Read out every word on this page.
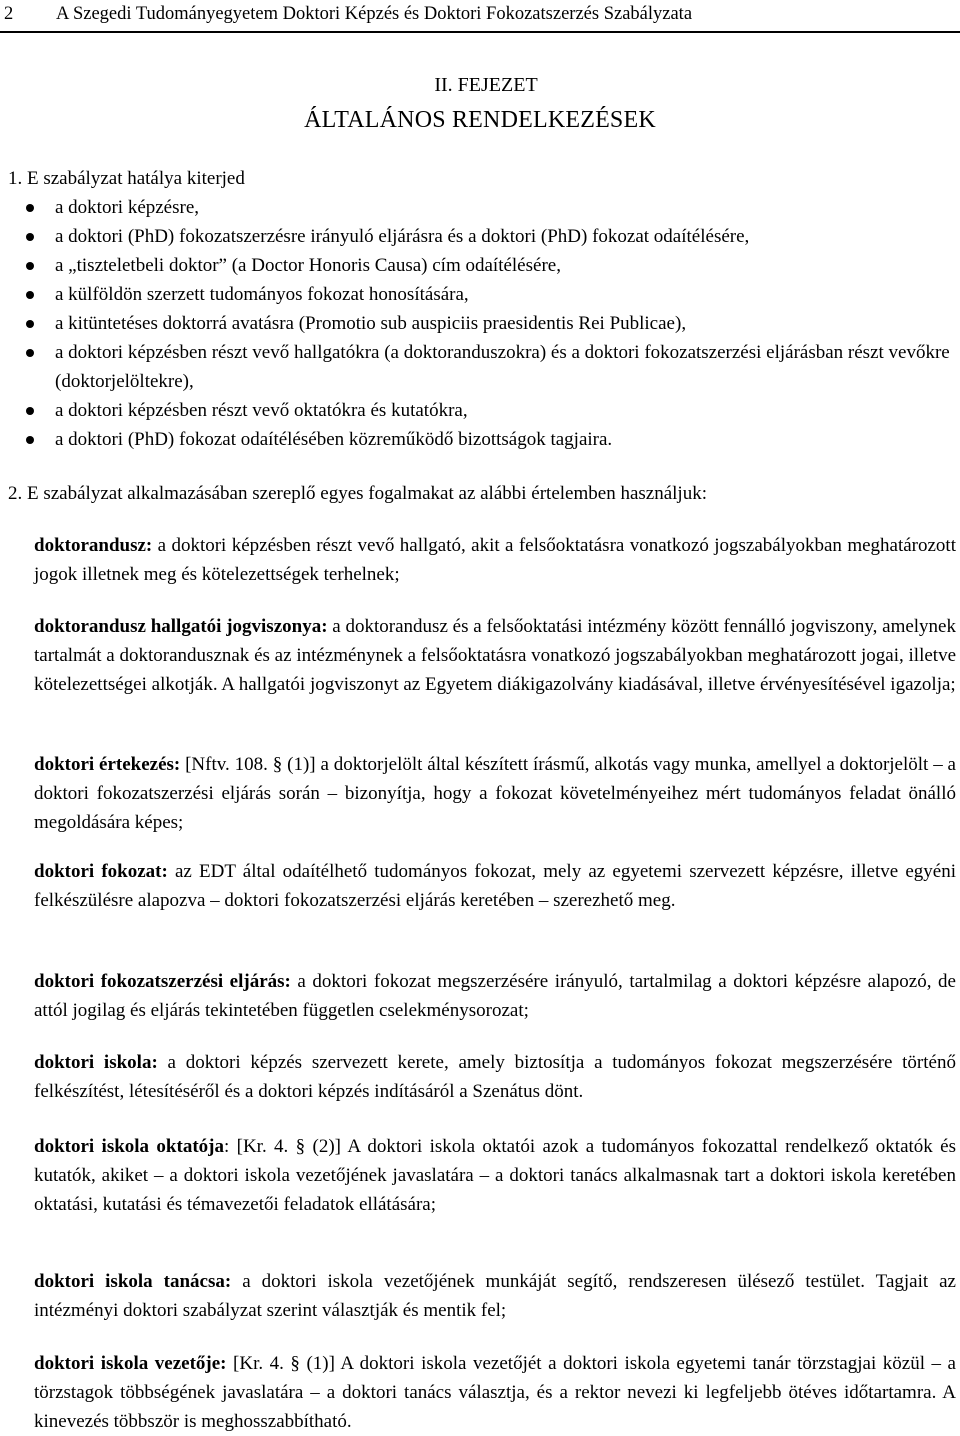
2 A Szegedi Tudományegyetem Doktori Képzés és Doktori Fokozatszerzés Szabályzata
II. FEJEZET
ÁLTALÁNOS RENDELKEZÉSEK
1. E szabályzat hatálya kiterjed
a doktori képzésre,
a doktori (PhD) fokozatszerzésre irányuló eljárásra és a doktori (PhD) fokozat odaítélésére,
a „tiszteletbeli doktor” (a Doctor Honoris Causa) cím odaítélésére,
a külföldön szerzett tudományos fokozat honosítására,
a kitüntetéses doktorrá avatásra (Promotio sub auspiciis praesidentis Rei Publicae),
a doktori képzésben részt vevő hallgatókra (a doktoranduszokra) és a doktori fokozatszerzési eljárásban részt vevőkre (doktorjelöltekre),
a doktori képzésben részt vevő oktatókra és kutatókra,
a doktori (PhD) fokozat odaítélésében közreműködő bizottságok tagjaira.
2. E szabályzat alkalmazásában szereplő egyes fogalmakat az alábbi értelemben használjuk:
doktorandusz: a doktori képzésben részt vevő hallgató, akit a felsőoktatásra vonatkozó jogszabályokban meghatározott jogok illetnek meg és kötelezettségek terhelnek;
doktorandusz hallgatói jogviszonya: a doktorandusz és a felsőoktatási intézmény között fennálló jogviszony, amelynek tartalmát a doktorandusznak és az intézménynek a felsőoktatásra vonatkozó jogszabályokban meghatározott jogai, illetve kötelezettségei alkotják. A hallgatói jogviszonyt az Egyetem diákigazolvány kiadásával, illetve érvényesítésével igazolja;
doktori értekezés: [Nftv. 108. § (1)] a doktorjelölt által készített írásmű, alkotás vagy munka, amellyel a doktorjelölt – a doktori fokozatszerzési eljárás során – bizonyítja, hogy a fokozat követelményeihez mért tudományos feladat önálló megoldására képes;
doktori fokozat: az EDT által odaítélhető tudományos fokozat, mely az egyetemi szervezett képzésre, illetve egyéni felkészülésre alapozva – doktori fokozatszerzési eljárás keretében – szerezhető meg.
doktori fokozatszerzési eljárás: a doktori fokozat megszerzésére irányuló, tartalmilag a doktori képzésre alapozó, de attól jogilag és eljárás tekintetében független cselekménysorozat;
doktori iskola: a doktori képzés szervezett kerete, amely biztosítja a tudományos fokozat megszerzésére történő felkészítést, létesítéséről és a doktori képzés indításáról a Szenátus dönt.
doktori iskola oktatója: [Kr. 4. § (2)] A doktori iskola oktatói azok a tudományos fokozattal rendelkező oktatók és kutatók, akiket – a doktori iskola vezetőjének javaslatára – a doktori tanács alkalmasnak tart a doktori iskola keretében oktatási, kutatási és témavezetői feladatok ellátására;
doktori iskola tanácsa: a doktori iskola vezetőjének munkáját segítő, rendszeresen ülésező testület. Tagjait az intézményi doktori szabályzat szerint választják és mentik fel;
doktori iskola vezetője: [Kr. 4. § (1)] A doktori iskola vezetőjét a doktori iskola egyetemi tanár törzstagjai közül – a törzstagok többségének javaslatára – a doktori tanács választja, és a rektor nevezi ki legfeljebb ötéves időtartamra. A kinevezés többször is meghosszabbítható.
